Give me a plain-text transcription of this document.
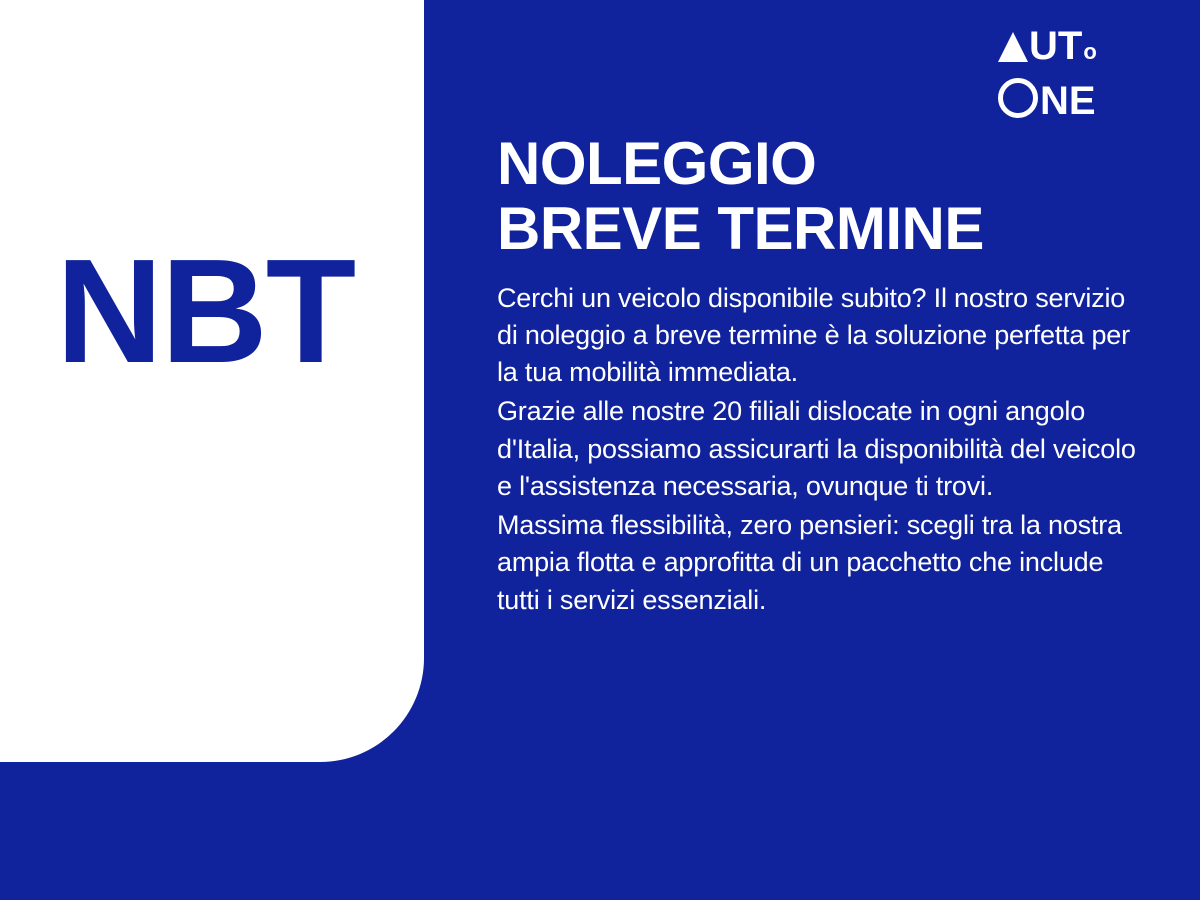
NBT
U T o
N E
NOLEGGIO
BREVE TERMINE

Cerchi un veicolo disponibile subito? Il nostro servizio di noleggio a breve termine è la soluzione perfetta per la tua mobilità immediata.

Grazie alle nostre 20 filiali dislocate in ogni angolo d'Italia, possiamo assicurarti la disponibilità del veicolo e l'assistenza necessaria, ovunque ti trovi.

Massima flessibilità, zero pensieri: scegli tra la nostra ampia flotta e approfitta di un pacchetto che include tutti i servizi essenziali.
